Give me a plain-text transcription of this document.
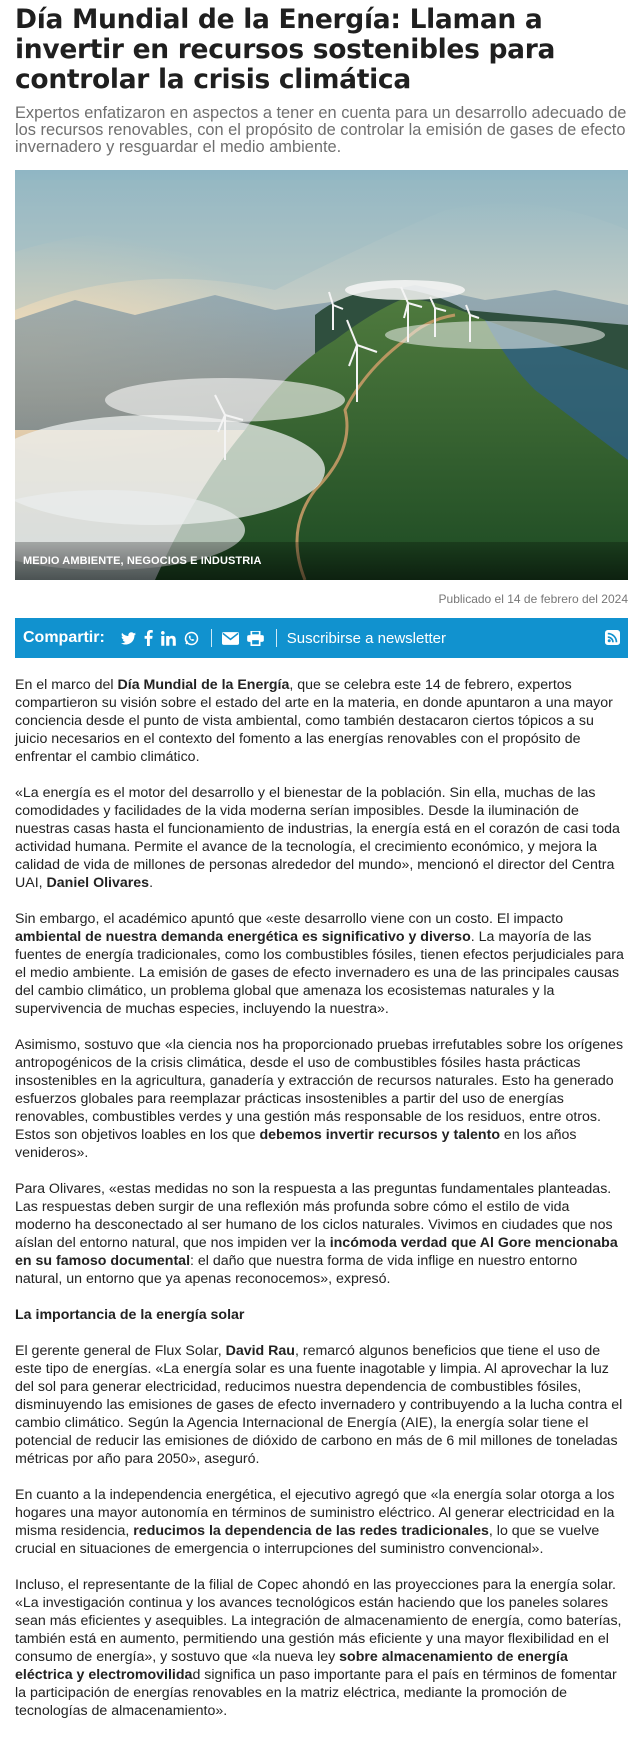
Día Mundial de la Energía: Llaman a invertir en recursos sostenibles para controlar la crisis climática

Expertos enfatizaron en aspectos a tener en cuenta para un desarrollo adecuado de los recursos renovables, con el propósito de controlar la emisión de gases de efecto invernadero y resguardar el medio ambiente.

MEDIO AMBIENTE, NEGOCIOS E INDUSTRIA
Publicado el 14 de febrero del 2024
Compartir:	Suscribirse a newsletter

En el marco del Día Mundial de la Energía, que se celebra este 14 de febrero, expertos compartieron su visión sobre el estado del arte en la materia, en donde apuntaron a una mayor conciencia desde el punto de vista ambiental, como también destacaron ciertos tópicos a su juicio necesarios en el contexto del fomento a las energías renovables con el propósito de enfrentar el cambio climático.

«La energía es el motor del desarrollo y el bienestar de la población. Sin ella, muchas de las comodidades y facilidades de la vida moderna serían imposibles. Desde la iluminación de nuestras casas hasta el funcionamiento de industrias, la energía está en el corazón de casi toda actividad humana. Permite el avance de la tecnología, el crecimiento económico, y mejora la calidad de vida de millones de personas alrededor del mundo», mencionó el director del Centra UAI, Daniel Olivares.

Sin embargo, el académico apuntó que «este desarrollo viene con un costo. El impacto ambiental de nuestra demanda energética es significativo y diverso. La mayoría de las fuentes de energía tradicionales, como los combustibles fósiles, tienen efectos perjudiciales para el medio ambiente. La emisión de gases de efecto invernadero es una de las principales causas del cambio climático, un problema global que amenaza los ecosistemas naturales y la supervivencia de muchas especies, incluyendo la nuestra».

Asimismo, sostuvo que «la ciencia nos ha proporcionado pruebas irrefutables sobre los orígenes antropogénicos de la crisis climática, desde el uso de combustibles fósiles hasta prácticas insostenibles en la agricultura, ganadería y extracción de recursos naturales. Esto ha generado esfuerzos globales para reemplazar prácticas insostenibles a partir del uso de energías renovables, combustibles verdes y una gestión más responsable de los residuos, entre otros. Estos son objetivos loables en los que debemos invertir recursos y talento en los años venideros».

Para Olivares, «estas medidas no son la respuesta a las preguntas fundamentales planteadas. Las respuestas deben surgir de una reflexión más profunda sobre cómo el estilo de vida moderno ha desconectado al ser humano de los ciclos naturales. Vivimos en ciudades que nos aíslan del entorno natural, que nos impiden ver la incómoda verdad que Al Gore mencionaba en su famoso documental: el daño que nuestra forma de vida inflige en nuestro entorno natural, un entorno que ya apenas reconocemos», expresó.

La importancia de la energía solar

El gerente general de Flux Solar, David Rau, remarcó algunos beneficios que tiene el uso de este tipo de energías. «La energía solar es una fuente inagotable y limpia. Al aprovechar la luz del sol para generar electricidad, reducimos nuestra dependencia de combustibles fósiles, disminuyendo las emisiones de gases de efecto invernadero y contribuyendo a la lucha contra el cambio climático. Según la Agencia Internacional de Energía (AIE), la energía solar tiene el potencial de reducir las emisiones de dióxido de carbono en más de 6 mil millones de toneladas métricas por año para 2050», aseguró.

En cuanto a la independencia energética, el ejecutivo agregó que «la energía solar otorga a los hogares una mayor autonomía en términos de suministro eléctrico. Al generar electricidad en la misma residencia, reducimos la dependencia de las redes tradicionales, lo que se vuelve crucial en situaciones de emergencia o interrupciones del suministro convencional».

Incluso, el representante de la filial de Copec ahondó en las proyecciones para la energía solar. «La investigación continua y los avances tecnológicos están haciendo que los paneles solares sean más eficientes y asequibles. La integración de almacenamiento de energía, como baterías, también está en aumento, permitiendo una gestión más eficiente y una mayor flexibilidad en el consumo de energía», y sostuvo que «la nueva ley sobre almacenamiento de energía eléctrica y electromovilidad significa un paso importante para el país en términos de fomentar la participación de energías renovables en la matriz eléctrica, mediante la promoción de tecnologías de almacenamiento».
